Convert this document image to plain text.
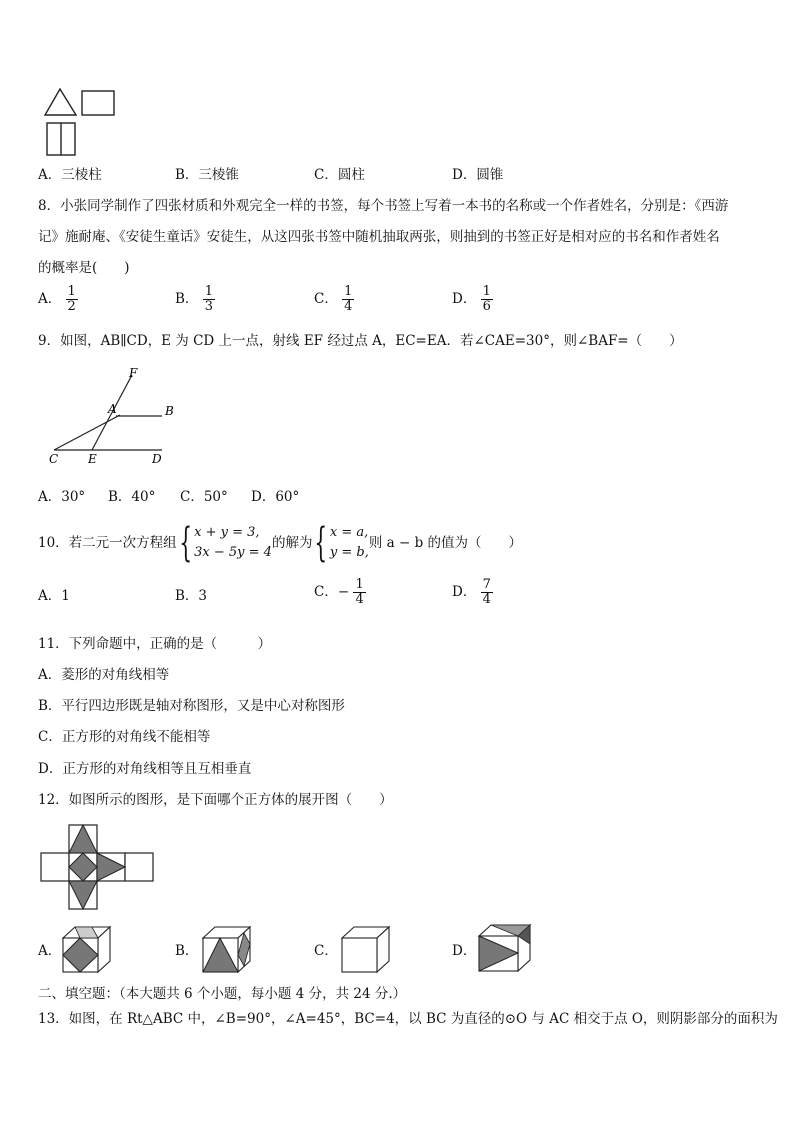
A．三棱柱	B．三棱锥	C．圆柱	D．圆锥
8．小张同学制作了四张材质和外观完全一样的书签，每个书签上写着一本书的名称或一个作者姓名，分别是：《西游
记》施耐庵、《安徒生童话》安徒生，从这四张书签中随机抽取两张，则抽到的书签正好是相对应的书名和作者姓名
的概率是(　　)
A． $\frac{1}{2}$	B． $\frac{1}{3}$	C． $\frac{1}{4}$	D． $\frac{1}{6}$
9．如图，AB∥CD，E 为 CD 上一点，射线 EF 经过点 A，EC=EA．若∠CAE=30°，则∠BAF=（　　）
F
A	B
C E	D
A．30° B．40° C．50° D．60°
10．若二元一次方程组 { x + y = 3,
3x − 5y = 4
的解为 { x = a,
y = b,
则 a − b 的值为（　　）
A．1	B．3	C．− $\frac{1}{4}$	D． $\frac{7}{4}$
11．下列命题中，正确的是（　　　）
A．菱形的对角线相等
B．平行四边形既是轴对称图形，又是中心对称图形
C．正方形的对角线不能相等
D．正方形的对角线相等且互相垂直
12．如图所示的图形，是下面哪个正方体的展开图（　　）
A．	B．	C．	D．
二、填空题：（本大题共 6 个小题，每小题 4 分，共 24 分.）
13．如图，在 Rt△ABC 中，∠B=90°，∠A=45°，BC=4，以 BC 为直径的⊙O 与 AC 相交于点 O，则阴影部分的面积为
